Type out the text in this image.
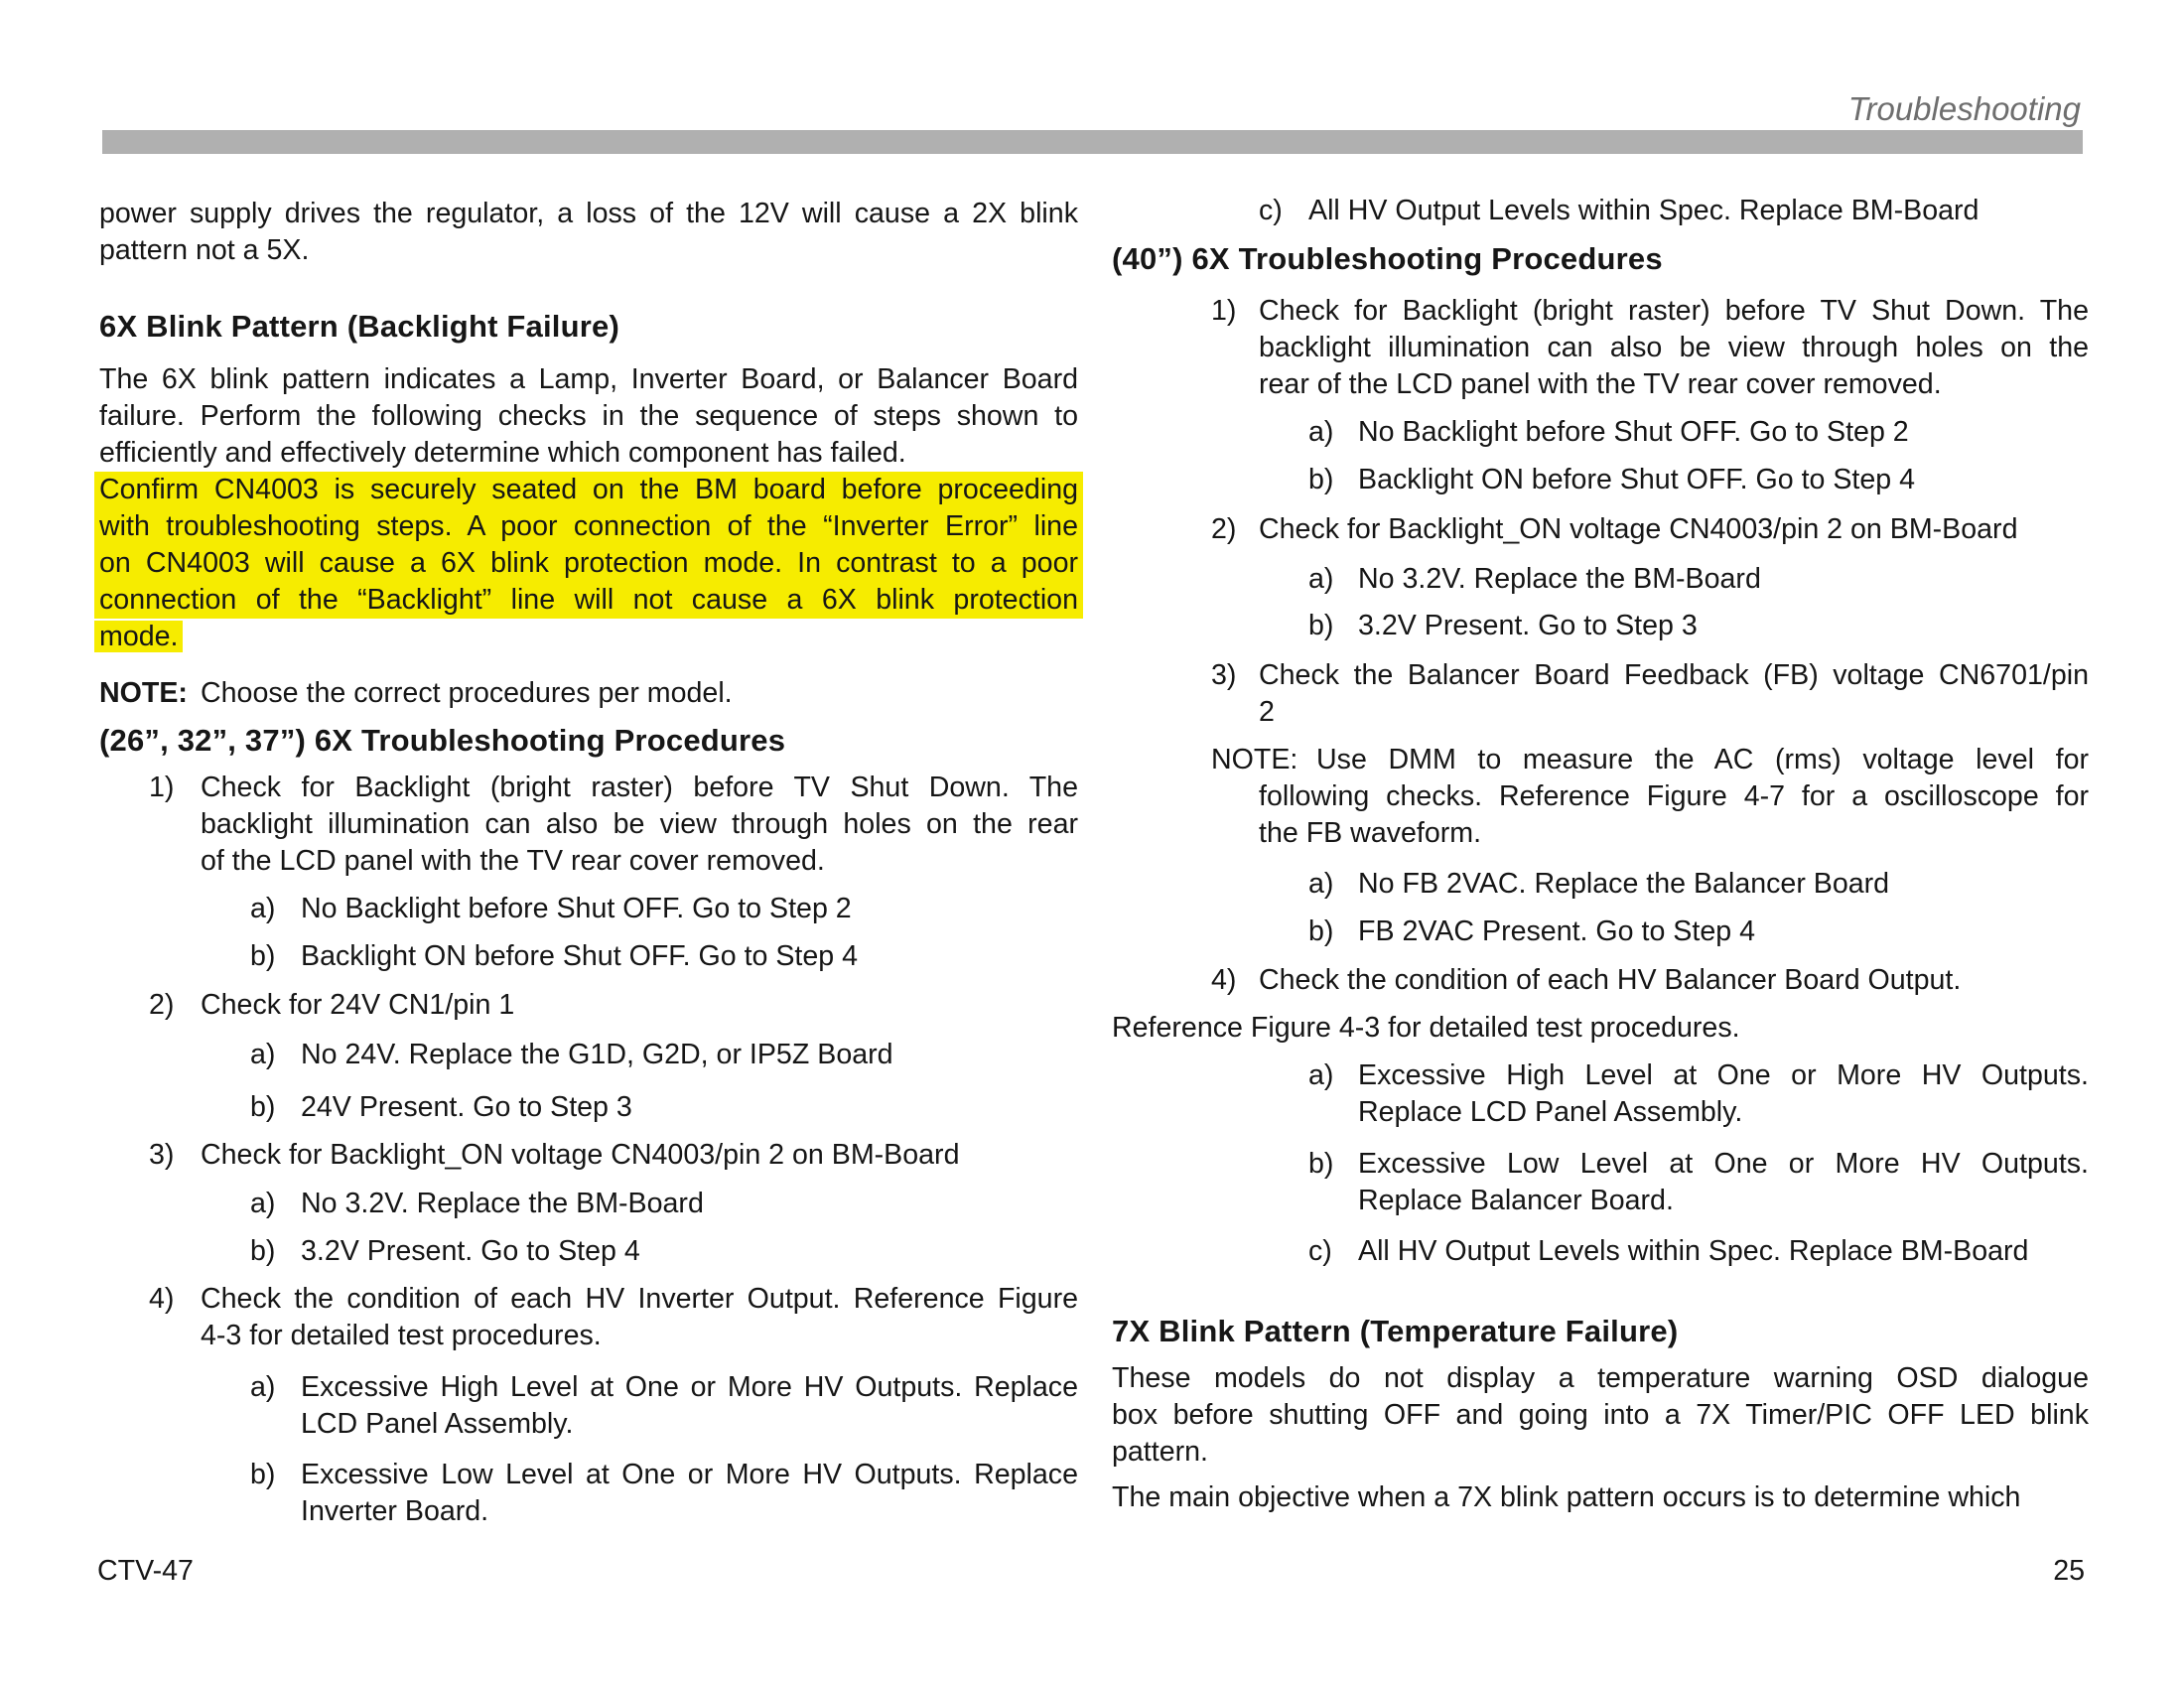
Troubleshooting
power supply drives the regulator, a loss of the 12V will cause a 2X blink
pattern not a 5X.
6X Blink Pattern (Backlight Failure)
The 6X blink pattern indicates a Lamp, Inverter Board, or Balancer Board
failure. Perform the following checks in the sequence of steps shown to
efficiently and effectively determine which component has failed.
Confirm CN4003 is securely seated on the BM board before proceeding
with troubleshooting steps. A poor connection of the “Inverter Error” line
on CN4003 will cause a 6X blink protection mode. In contrast to a poor
connection of the “Backlight” line will not cause a 6X blink protection
mode.
NOTE: Choose the correct procedures per model.
(26”, 32”, 37”) 6X Troubleshooting Procedures
1) Check for Backlight (bright raster) before TV Shut Down. The
backlight illumination can also be view through holes on the rear
of the LCD panel with the TV rear cover removed.
a) No Backlight before Shut OFF. Go to Step 2
b) Backlight ON before Shut OFF. Go to Step 4
2) Check for 24V CN1/pin 1
a) No 24V. Replace the G1D, G2D, or IP5Z Board
b) 24V Present. Go to Step 3
3) Check for Backlight_ON voltage CN4003/pin 2 on BM-Board
a) No 3.2V. Replace the BM-Board
b) 3.2V Present. Go to Step 4
4) Check the condition of each HV Inverter Output. Reference Figure
4-3 for detailed test procedures.
a) Excessive High Level at One or More HV Outputs. Replace
LCD Panel Assembly.
b) Excessive Low Level at One or More HV Outputs. Replace
Inverter Board.
c) All HV Output Levels within Spec. Replace BM-Board
(40”) 6X Troubleshooting Procedures
1) Check for Backlight (bright raster) before TV Shut Down. The
backlight illumination can also be view through holes on the
rear of the LCD panel with the TV rear cover removed.
a) No Backlight before Shut OFF. Go to Step 2
b) Backlight ON before Shut OFF. Go to Step 4
2) Check for Backlight_ON voltage CN4003/pin 2 on BM-Board
a) No 3.2V. Replace the BM-Board
b) 3.2V Present. Go to Step 3
3) Check the Balancer Board Feedback (FB) voltage CN6701/pin
2
NOTE: Use DMM to measure the AC (rms) voltage level for
following checks. Reference Figure 4-7 for a oscilloscope for
the FB waveform.
a) No FB 2VAC. Replace the Balancer Board
b) FB 2VAC Present. Go to Step 4
4) Check the condition of each HV Balancer Board Output.
Reference Figure 4-3 for detailed test procedures.
a) Excessive High Level at One or More HV Outputs.
Replace LCD Panel Assembly.
b) Excessive Low Level at One or More HV Outputs.
Replace Balancer Board.
c) All HV Output Levels within Spec. Replace BM-Board
7X Blink Pattern (Temperature Failure)
These models do not display a temperature warning OSD dialogue
box before shutting OFF and going into a 7X Timer/PIC OFF LED blink
pattern.
The main objective when a 7X blink pattern occurs is to determine which
CTV-47	25
